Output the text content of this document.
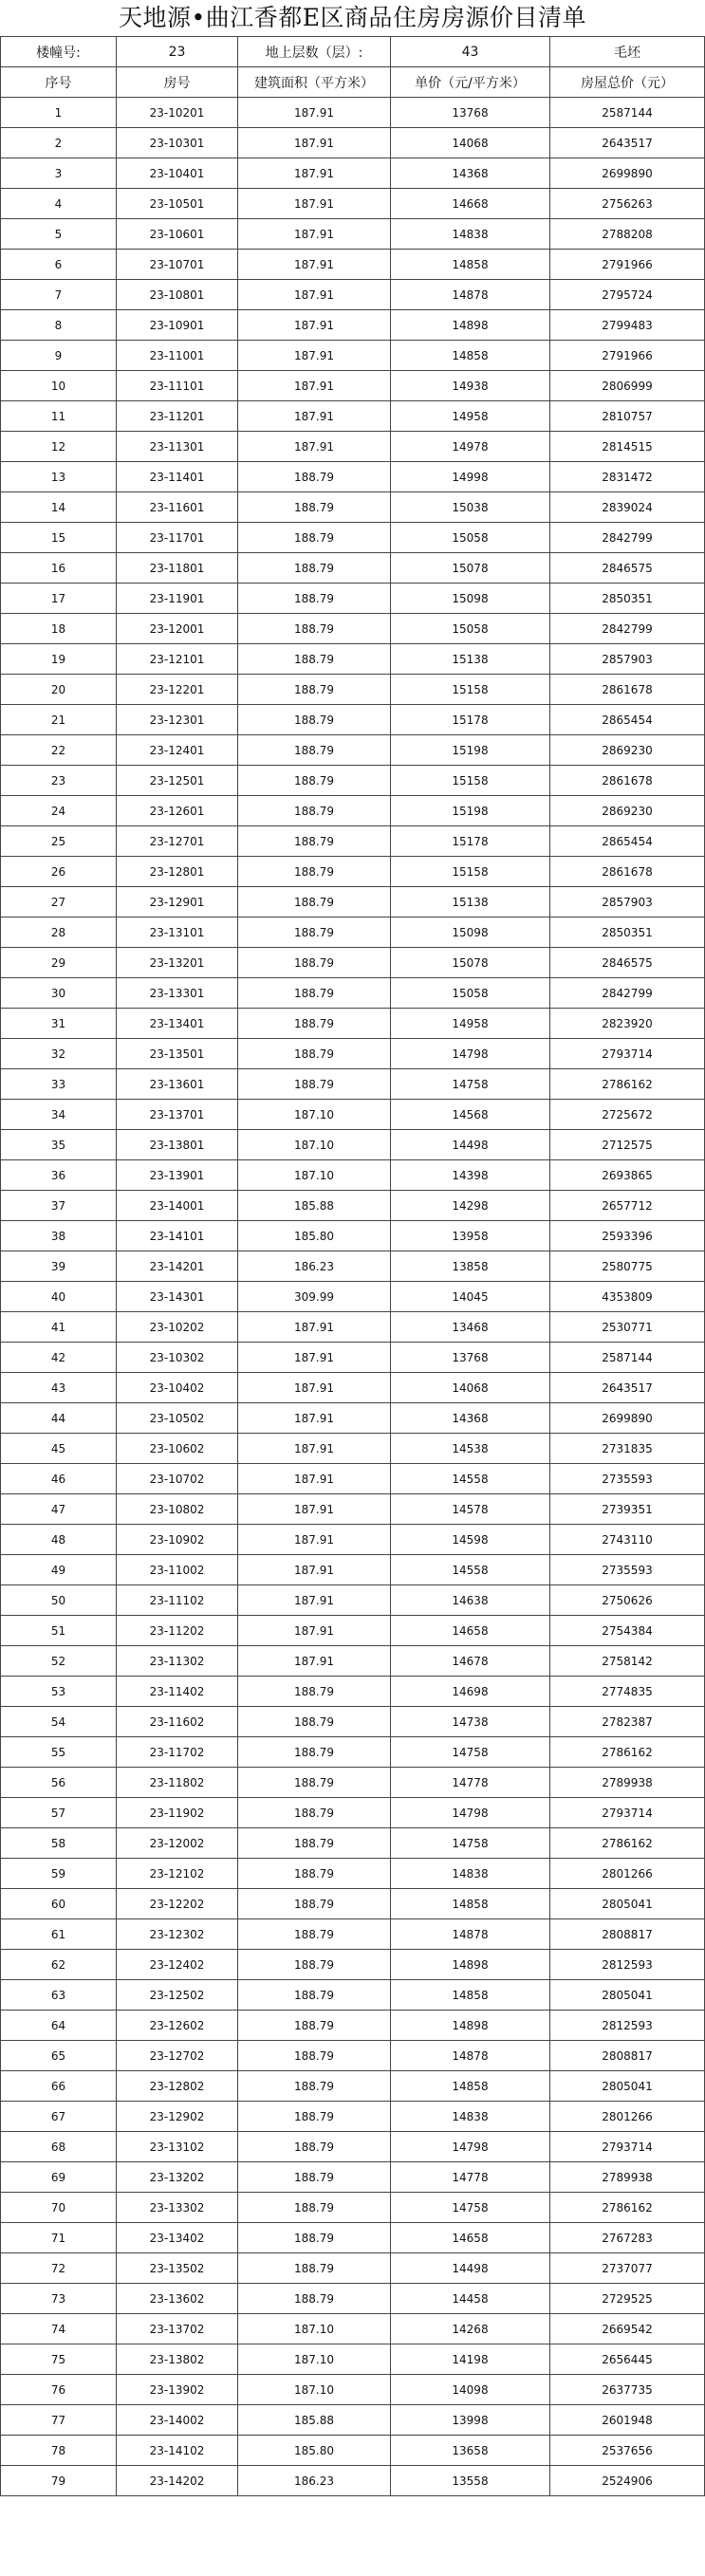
天地源•曲江香都E区商品住房房源价目清单
楼幢号:	23	地上层数（层）:	43	毛坯
序号	房号	建筑面积（平方米）	单价（元/平方米）	房屋总价（元）
1	23-10201	187.91	13768	2587144
2	23-10301	187.91	14068	2643517
3	23-10401	187.91	14368	2699890
4	23-10501	187.91	14668	2756263
5	23-10601	187.91	14838	2788208
6	23-10701	187.91	14858	2791966
7	23-10801	187.91	14878	2795724
8	23-10901	187.91	14898	2799483
9	23-11001	187.91	14858	2791966
10	23-11101	187.91	14938	2806999
11	23-11201	187.91	14958	2810757
12	23-11301	187.91	14978	2814515
13	23-11401	188.79	14998	2831472
14	23-11601	188.79	15038	2839024
15	23-11701	188.79	15058	2842799
16	23-11801	188.79	15078	2846575
17	23-11901	188.79	15098	2850351
18	23-12001	188.79	15058	2842799
19	23-12101	188.79	15138	2857903
20	23-12201	188.79	15158	2861678
21	23-12301	188.79	15178	2865454
22	23-12401	188.79	15198	2869230
23	23-12501	188.79	15158	2861678
24	23-12601	188.79	15198	2869230
25	23-12701	188.79	15178	2865454
26	23-12801	188.79	15158	2861678
27	23-12901	188.79	15138	2857903
28	23-13101	188.79	15098	2850351
29	23-13201	188.79	15078	2846575
30	23-13301	188.79	15058	2842799
31	23-13401	188.79	14958	2823920
32	23-13501	188.79	14798	2793714
33	23-13601	188.79	14758	2786162
34	23-13701	187.10	14568	2725672
35	23-13801	187.10	14498	2712575
36	23-13901	187.10	14398	2693865
37	23-14001	185.88	14298	2657712
38	23-14101	185.80	13958	2593396
39	23-14201	186.23	13858	2580775
40	23-14301	309.99	14045	4353809
41	23-10202	187.91	13468	2530771
42	23-10302	187.91	13768	2587144
43	23-10402	187.91	14068	2643517
44	23-10502	187.91	14368	2699890
45	23-10602	187.91	14538	2731835
46	23-10702	187.91	14558	2735593
47	23-10802	187.91	14578	2739351
48	23-10902	187.91	14598	2743110
49	23-11002	187.91	14558	2735593
50	23-11102	187.91	14638	2750626
51	23-11202	187.91	14658	2754384
52	23-11302	187.91	14678	2758142
53	23-11402	188.79	14698	2774835
54	23-11602	188.79	14738	2782387
55	23-11702	188.79	14758	2786162
56	23-11802	188.79	14778	2789938
57	23-11902	188.79	14798	2793714
58	23-12002	188.79	14758	2786162
59	23-12102	188.79	14838	2801266
60	23-12202	188.79	14858	2805041
61	23-12302	188.79	14878	2808817
62	23-12402	188.79	14898	2812593
63	23-12502	188.79	14858	2805041
64	23-12602	188.79	14898	2812593
65	23-12702	188.79	14878	2808817
66	23-12802	188.79	14858	2805041
67	23-12902	188.79	14838	2801266
68	23-13102	188.79	14798	2793714
69	23-13202	188.79	14778	2789938
70	23-13302	188.79	14758	2786162
71	23-13402	188.79	14658	2767283
72	23-13502	188.79	14498	2737077
73	23-13602	188.79	14458	2729525
74	23-13702	187.10	14268	2669542
75	23-13802	187.10	14198	2656445
76	23-13902	187.10	14098	2637735
77	23-14002	185.88	13998	2601948
78	23-14102	185.80	13658	2537656
79	23-14202	186.23	13558	2524906
